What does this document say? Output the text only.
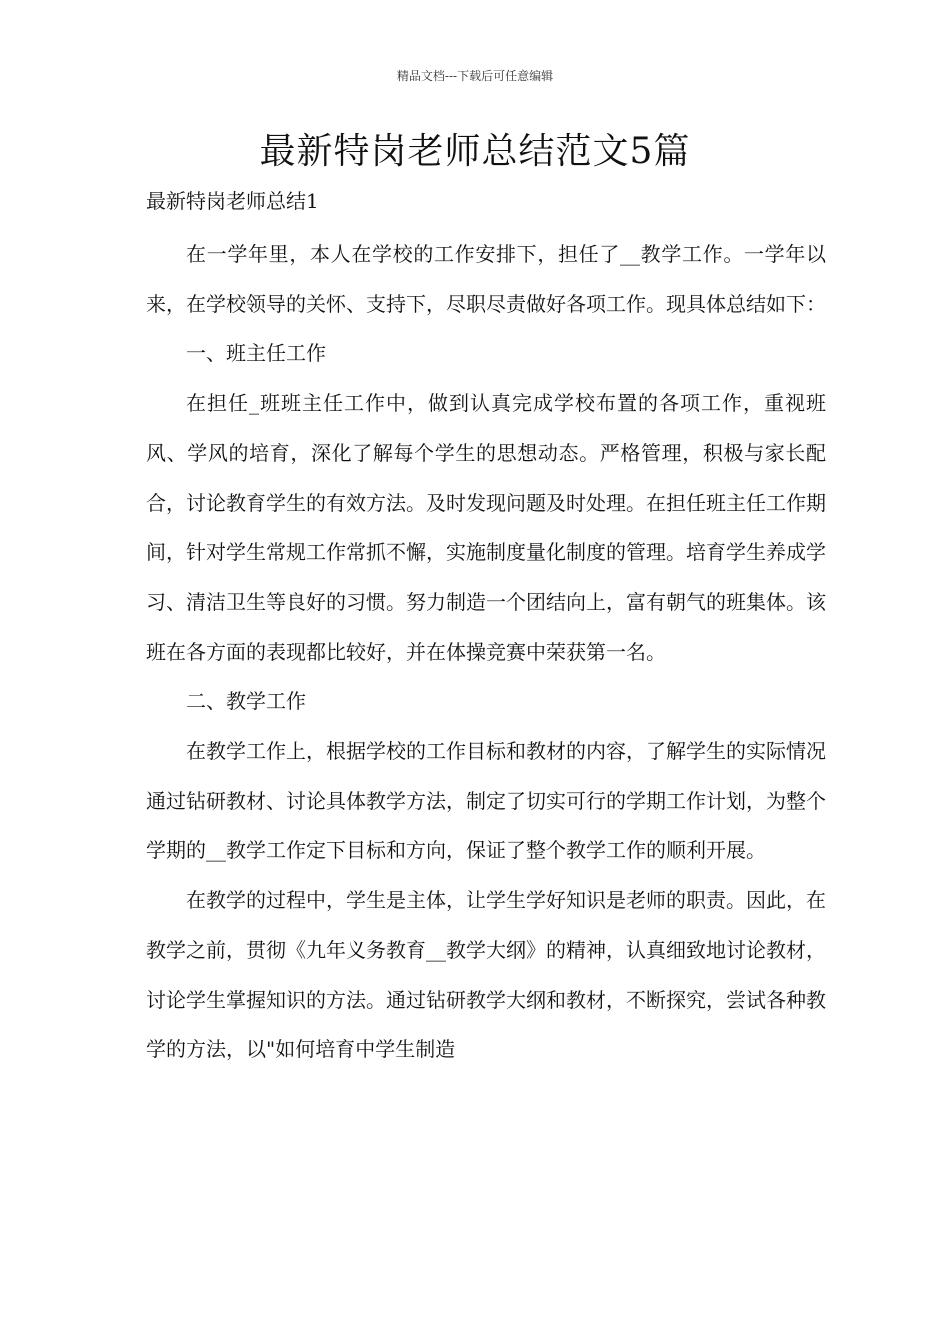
精品文档---下载后可任意编辑
最新特岗老师总结范文5篇
最新特岗老师总结1

在一学年里，本人在学校的工作安排下，担任了__教学工作。一学年以来，在学校领导的关怀、支持下，尽职尽责做好各项工作。现具体总结如下：

一、班主任工作

在担任_班班主任工作中，做到认真完成学校布置的各项工作，重视班风、学风的培育，深化了解每个学生的思想动态。严格管理，积极与家长配合，讨论教育学生的有效方法。及时发现问题及时处理。在担任班主任工作期间，针对学生常规工作常抓不懈，实施制度量化制度的管理。培育学生养成学习、清洁卫生等良好的习惯。努力制造一个团结向上，富有朝气的班集体。该班在各方面的表现都比较好，并在体操竞赛中荣获第一名。

二、教学工作

在教学工作上，根据学校的工作目标和教材的内容，了解学生的实际情况通过钻研教材、讨论具体教学方法，制定了切实可行的学期工作计划，为整个学期的__教学工作定下目标和方向，保证了整个教学工作的顺利开展。

在教学的过程中，学生是主体，让学生学好知识是老师的职责。因此，在教学之前，贯彻《九年义务教育__教学大纲》的精神，认真细致地讨论教材，讨论学生掌握知识的方法。通过钻研教学大纲和教材，不断探究，尝试各种教学的方法，以"如何培育中学生制造
